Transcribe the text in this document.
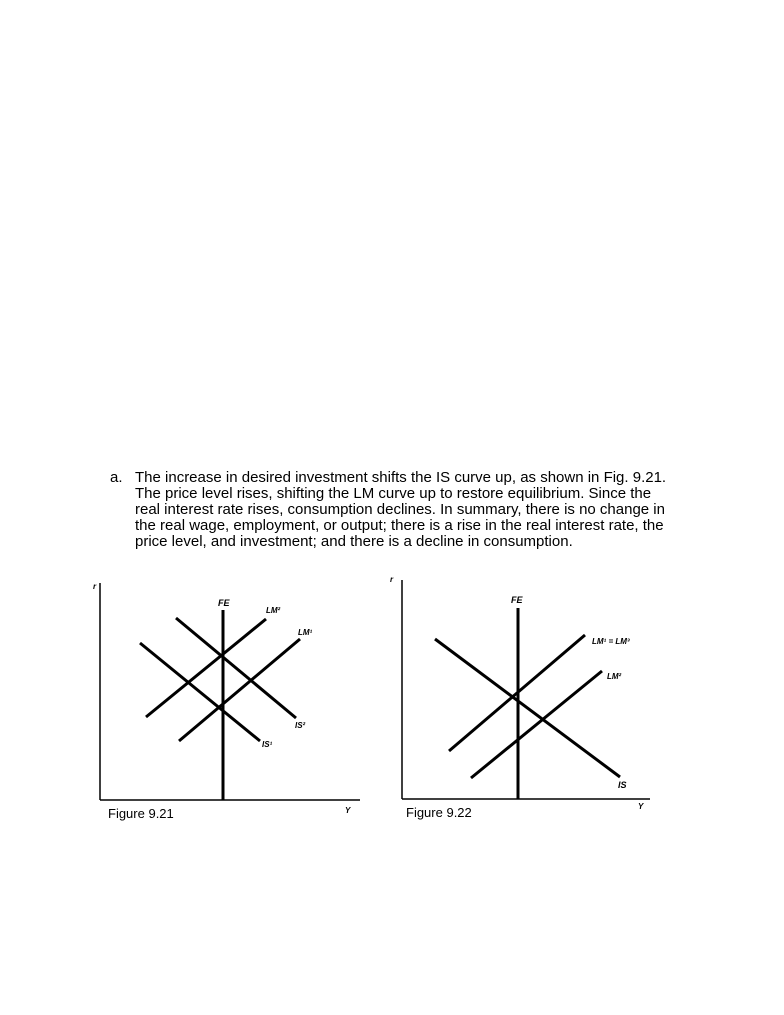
a. The increase in desired investment shifts the IS curve up, as shown in Fig. 9.21. The price level rises, shifting the LM curve up to restore equilibrium. Since the real interest rate rises, consumption declines. In summary, there is no change in the real wage, employment, or output; there is a rise in the real interest rate, the price level, and investment; and there is a decline in consumption.
r
Y
FE
LM²
LM¹
IS²
IS¹
Figure 9.21
r
Y
FE
LM¹ = LM³
LM²
IS
Figure 9.22
